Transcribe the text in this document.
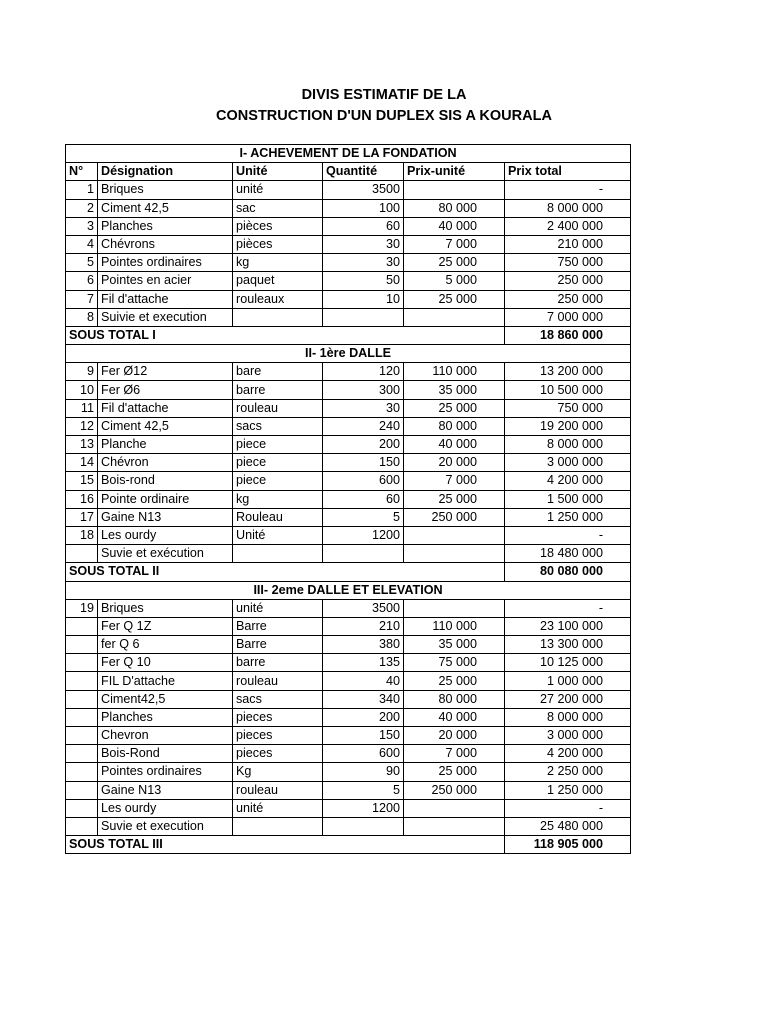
DIVIS ESTIMATIF DE LA
CONSTRUCTION D'UN DUPLEX SIS A KOURALA
I- ACHEVEMENT DE LA FONDATION					
N°	Désignation	Unité	Quantité	Prix-unité	Prix total
1	Briques	unité	3500		-
2	Ciment 42,5	sac	100	80 000	8 000 000
3	Planches	pièces	60	40 000	2 400 000
4	Chévrons	pièces	30	7 000	210 000
5	Pointes ordinaires	kg	30	25 000	750 000
6	Pointes en acier	paquet	50	5 000	250 000
7	Fil d'attache	rouleaux	10	25 000	250 000
8	Suivie et execution				7 000 000
SOUS TOTAL I					18 860 000
II- 1ère DALLE					
9	Fer Ø12	bare	120	110 000	13 200 000
10	Fer Ø6	barre	300	35 000	10 500 000
11	Fil d'attache	rouleau	30	25 000	750 000
12	Ciment 42,5	sacs	240	80 000	19 200 000
13	Planche	piece	200	40 000	8 000 000
14	Chévron	piece	150	20 000	3 000 000
15	Bois-rond	piece	600	7 000	4 200 000
16	Pointe ordinaire	kg	60	25 000	1 500 000
17	Gaine N13	Rouleau	5	250 000	1 250 000
18	Les ourdy	Unité	1200		-
	Suvie et exécution				18 480 000
SOUS TOTAL II					80 080 000
III- 2eme DALLE ET ELEVATION					
19	Briques	unité	3500		-
	Fer Q 1Z	Barre	210	110 000	23 100 000
	fer Q 6	Barre	380	35 000	13 300 000
	Fer Q 10	barre	135	75 000	10 125 000
	FIL D'attache	rouleau	40	25 000	1 000 000
	Ciment42,5	sacs	340	80 000	27 200 000
	Planches	pieces	200	40 000	8 000 000
	Chevron	pieces	150	20 000	3 000 000
	Bois-Rond	pieces	600	7 000	4 200 000
	Pointes ordinaires	Kg	90	25 000	2 250 000
	Gaine N13	rouleau	5	250 000	1 250 000
	Les ourdy	unité	1200		-
	Suvie et execution				25 480 000
SOUS TOTAL III					118 905 000
